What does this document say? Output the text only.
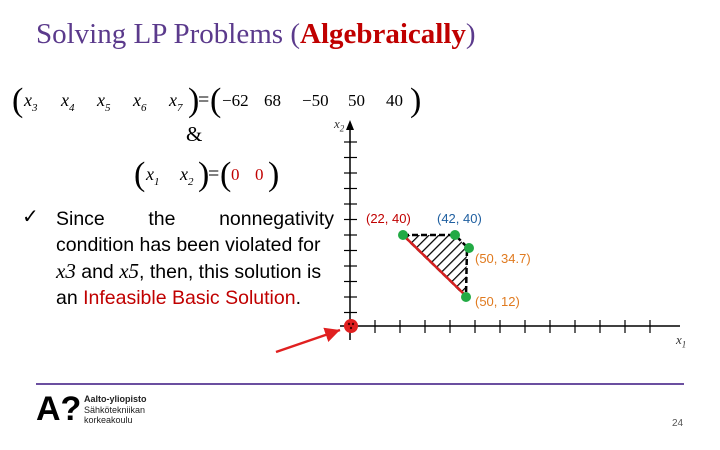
Solving LP Problems (Algebraically)
( $x_3$ $x_4$ $x_5$ $x_6$ $x_7$ )
= ( −62 68 −50 50 40 )
&
( $x_1$ $x_2$ )
= ( 0 0 )
✓ Since the nonnegativity
condition has been violated for
x3 and x5, then, this solution is
an Infeasible Basic Solution.
$x_2$
$x_1$
(22, 40) (42, 40)
(50, 34.7)
(50, 12)
A? Aalto-yliopisto
Sähkötekniikan
korkeakoulu	24
